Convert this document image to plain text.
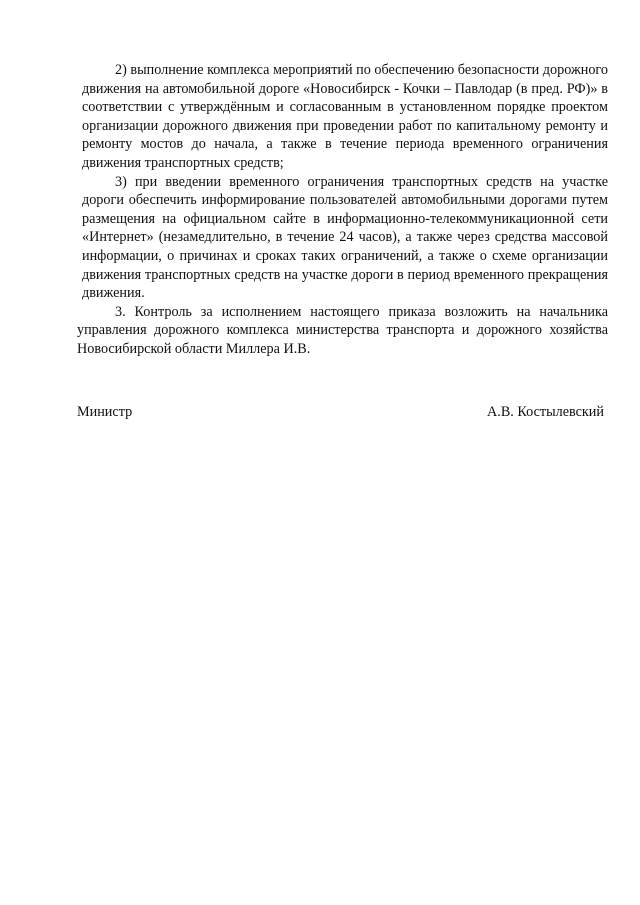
2) выполнение комплекса мероприятий по обеспечению безопасности дорожного движения на автомобильной дороге «Новосибирск - Кочки – Павлодар (в пред. РФ)» в соответствии с утверждённым и согласованным в установленном порядке проектом организации дорожного движения при проведении работ по капитальному ремонту и ремонту мостов до начала, а также в течение периода временного ограничения движения транспортных средств;

3) при введении временного ограничения транспортных средств на участке дороги обеспечить информирование пользователей автомобильными дорогами путем размещения на официальном сайте в информационно-телекоммуникационной сети «Интернет» (незамедлительно, в течение 24 часов), а также через средства массовой информации, о причинах и сроках таких ограничений, а также о схеме организации движения транспортных средств на участке дороги в период временного прекращения движения.

3. Контроль за исполнением настоящего приказа возложить на начальника управления дорожного комплекса министерства транспорта и дорожного хозяйства Новосибирской области Миллера И.В.

Министр	А.В. Костылевский
